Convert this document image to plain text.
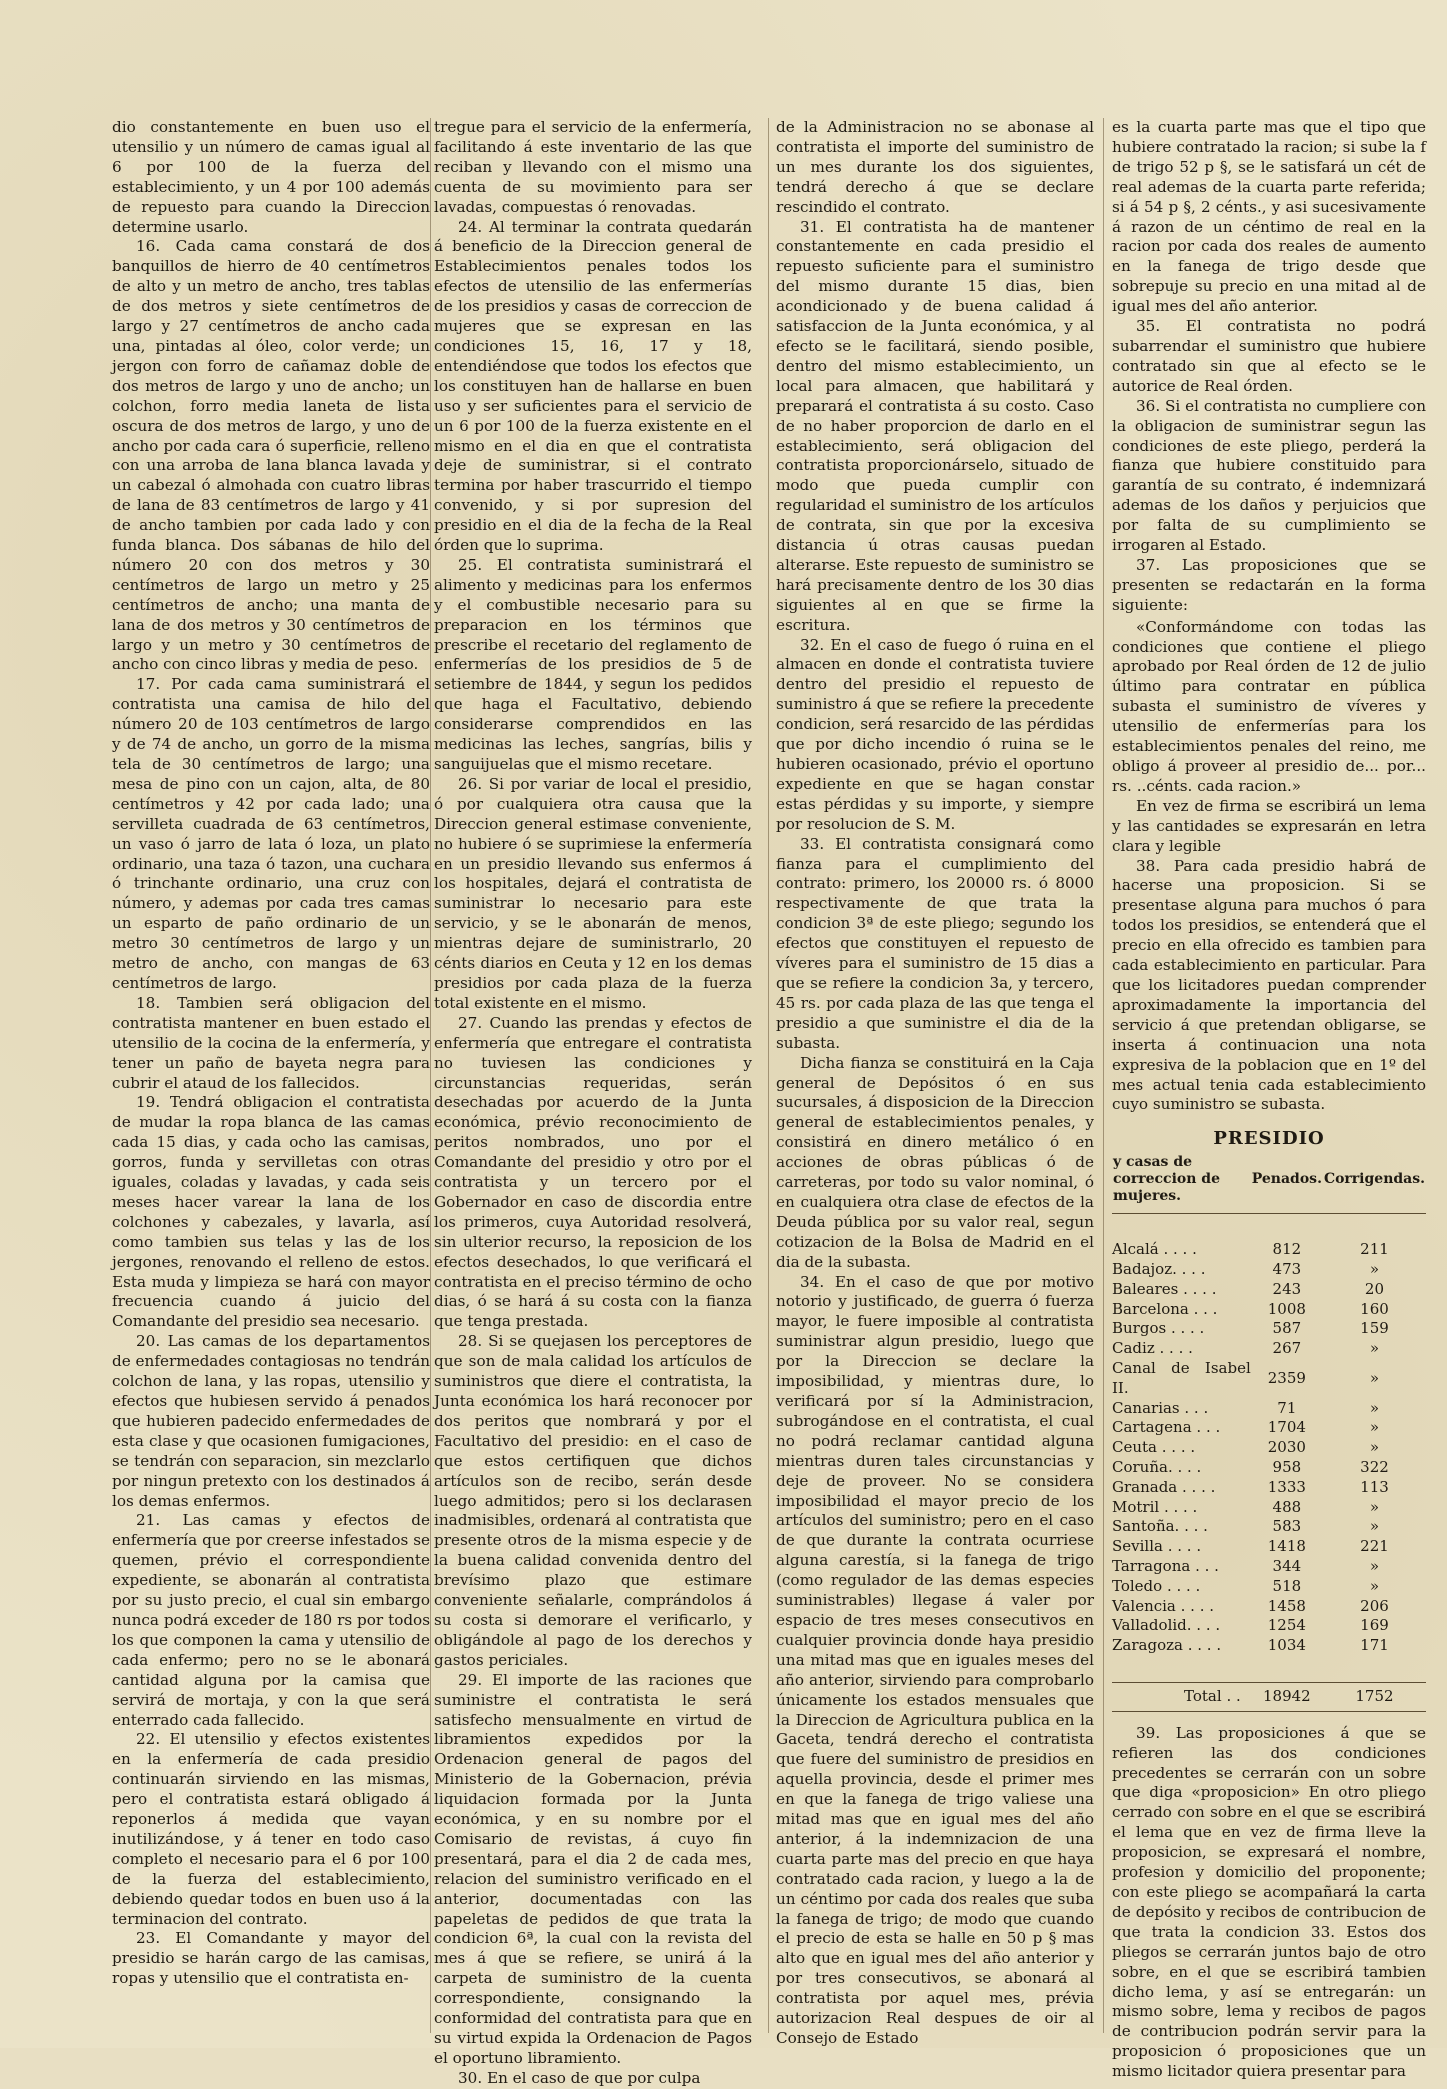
dio constantemente en buen uso el utensilio y un número de camas igual al 6 por 100 de la fuerza del establecimiento, y un 4 por 100 además de repuesto para cuando la Direccion determine usarlo.

16. Cada cama constará de dos banquillos de hierro de 40 centímetros de alto y un metro de ancho, tres tablas de dos metros y siete centímetros de largo y 27 centímetros de ancho cada una, pintadas al óleo, color verde; un jergon con forro de cañamaz doble de dos metros de largo y uno de ancho; un colchon, forro media laneta de lista oscura de dos metros de largo, y uno de ancho por cada cara ó superficie, relleno con una arroba de lana blanca lavada y un cabezal ó almohada con cuatro libras de lana de 83 centímetros de largo y 41 de ancho tambien por cada lado y con funda blanca. Dos sábanas de hilo del número 20 con dos metros y 30 centímetros de largo un metro y 25 centímetros de ancho; una manta de lana de dos metros y 30 centímetros de largo y un metro y 30 centímetros de ancho con cinco libras y media de peso.

17. Por cada cama suministrará el contratista una camisa de hilo del número 20 de 103 centímetros de largo y de 74 de ancho, un gorro de la misma tela de 30 centímetros de largo; una mesa de pino con un cajon, alta, de 80 centímetros y 42 por cada lado; una servilleta cuadrada de 63 centímetros, un vaso ó jarro de lata ó loza, un plato ordinario, una taza ó tazon, una cuchara ó trinchante ordinario, una cruz con número, y ademas por cada tres camas un esparto de paño ordinario de un metro 30 centímetros de largo y un metro de ancho, con mangas de 63 centímetros de largo.

18. Tambien será obligacion del contratista mantener en buen estado el utensilio de la cocina de la enfermería, y tener un paño de bayeta negra para cubrir el ataud de los fallecidos.

19. Tendrá obligacion el contratista de mudar la ropa blanca de las camas cada 15 dias, y cada ocho las camisas, gorros, funda y servilletas con otras iguales, coladas y lavadas, y cada seis meses hacer varear la lana de los colchones y cabezales, y lavarla, así como tambien sus telas y las de los jergones, renovando el relleno de estos. Esta muda y limpieza se hará con mayor frecuencia cuando á juicio del Comandante del presidio sea necesario.

20. Las camas de los departamentos de enfermedades contagiosas no tendrán colchon de lana, y las ropas, utensilio y efectos que hubiesen servido á penados que hubieren padecido enfermedades de esta clase y que ocasionen fumigaciones, se tendrán con separacion, sin mezclarlo por ningun pretexto con los destinados á los demas enfermos.

21. Las camas y efectos de enfermería que por creerse infestados se quemen, prévio el correspondiente expediente, se abonarán al contratista por su justo precio, el cual sin embargo nunca podrá exceder de 180 rs por todos los que componen la cama y utensilio de cada enfermo; pero no se le abonará cantidad alguna por la camisa que servirá de mortaja, y con la que será enterrado cada fallecido.

22. El utensilio y efectos existentes en la enfermería de cada presidio continuarán sirviendo en las mismas, pero el contratista estará obligado á reponerlos á medida que vayan inutilizándose, y á tener en todo caso completo el necesario para el 6 por 100 de la fuerza del establecimiento, debiendo quedar todos en buen uso á la terminacion del contrato.

23. El Comandante y mayor del presidio se harán cargo de las camisas, ropas y utensilio que el contratista en-

tregue para el servicio de la enfermería, facilitando á este inventario de las que reciban y llevando con el mismo una cuenta de su movimiento para ser lavadas, compuestas ó renovadas.

24. Al terminar la contrata quedarán á beneficio de la Direccion general de Establecimientos penales todos los efectos de utensilio de las enfermerías de los presidios y casas de correccion de mujeres que se expresan en las condiciones 15, 16, 17 y 18, entendiéndose que todos los efectos que los constituyen han de hallarse en buen uso y ser suficientes para el servicio de un 6 por 100 de la fuerza existente en el mismo en el dia en que el contratista deje de suministrar, si el contrato termina por haber trascurrido el tiempo convenido, y si por supresion del presidio en el dia de la fecha de la Real órden que lo suprima.

25. El contratista suministrará el alimento y medicinas para los enfermos y el combustible necesario para su preparacion en los términos que prescribe el recetario del reglamento de enfermerías de los presidios de 5 de setiembre de 1844, y segun los pedidos que haga el Facultativo, debiendo considerarse comprendidos en las medicinas las leches, sangrías, bilis y sanguijuelas que el mismo recetare.

26. Si por variar de local el presidio, ó por cualquiera otra causa que la Direccion general estimase conveniente, no hubiere ó se suprimiese la enfermería en un presidio llevando sus enfermos á los hospitales, dejará el contratista de suministrar lo necesario para este servicio, y se le abonarán de menos, mientras dejare de suministrarlo, 20 cénts diarios en Ceuta y 12 en los demas presidios por cada plaza de la fuerza total existente en el mismo.

27. Cuando las prendas y efectos de enfermería que entregare el contratista no tuviesen las condiciones y circunstancias requeridas, serán desechadas por acuerdo de la Junta económica, prévio reconocimiento de peritos nombrados, uno por el Comandante del presidio y otro por el contratista y un tercero por el Gobernador en caso de discordia entre los primeros, cuya Autoridad resolverá, sin ulterior recurso, la reposicion de los efectos desechados, lo que verificará el contratista en el preciso término de ocho dias, ó se hará á su costa con la fianza que tenga prestada.

28. Si se quejasen los perceptores de que son de mala calidad los artículos de suministros que diere el contratista, la Junta económica los hará reconocer por dos peritos que nombrará y por el Facultativo del presidio: en el caso de que estos certifiquen que dichos artículos son de recibo, serán desde luego admitidos; pero si los declarasen inadmisibles, ordenará al contratista que presente otros de la misma especie y de la buena calidad convenida dentro del brevísimo plazo que estimare conveniente señalarle, comprándolos á su costa si demorare el verificarlo, y obligándole al pago de los derechos y gastos periciales.

29. El importe de las raciones que suministre el contratista le será satisfecho mensualmente en virtud de libramientos expedidos por la Ordenacion general de pagos del Ministerio de la Gobernacion, prévia liquidacion formada por la Junta económica, y en su nombre por el Comisario de revistas, á cuyo fin presentará, para el dia 2 de cada mes, relacion del suministro verificado en el anterior, documentadas con las papeletas de pedidos de que trata la condicion 6ª, la cual con la revista del mes á que se refiere, se unirá á la carpeta de suministro de la cuenta correspondiente, consignando la conformidad del contratista para que en su virtud expida la Ordenacion de Pagos el oportuno libramiento.

30. En el caso de que por culpa

de la Administracion no se abonase al contratista el importe del suministro de un mes durante los dos siguientes, tendrá derecho á que se declare rescindido el contrato.

31. El contratista ha de mantener constantemente en cada presidio el repuesto suficiente para el suministro del mismo durante 15 dias, bien acondicionado y de buena calidad á satisfaccion de la Junta económica, y al efecto se le facilitará, siendo posible, dentro del mismo establecimiento, un local para almacen, que habilitará y preparará el contratista á su costo. Caso de no haber proporcion de darlo en el establecimiento, será obligacion del contratista proporcionárselo, situado de modo que pueda cumplir con regularidad el suministro de los artículos de contrata, sin que por la excesiva distancia ú otras causas puedan alterarse. Este repuesto de suministro se hará precisamente dentro de los 30 dias siguientes al en que se firme la escritura.

32. En el caso de fuego ó ruina en el almacen en donde el contratista tuviere dentro del presidio el repuesto de suministro á que se refiere la precedente condicion, será resarcido de las pérdidas que por dicho incendio ó ruina se le hubieren ocasionado, prévio el oportuno expediente en que se hagan constar estas pérdidas y su importe, y siempre por resolucion de S. M.

33. El contratista consignará como fianza para el cumplimiento del contrato: primero, los 20000 rs. ó 8000 respectivamente de que trata la condicion 3ª de este pliego; segundo los efectos que constituyen el repuesto de víveres para el suministro de 15 dias a que se refiere la condicion 3a, y tercero, 45 rs. por cada plaza de las que tenga el presidio a que suministre el dia de la subasta.

Dicha fianza se constituirá en la Caja general de Depósitos ó en sus sucursales, á disposicion de la Direccion general de establecimientos penales, y consistirá en dinero metálico ó en acciones de obras públicas ó de carreteras, por todo su valor nominal, ó en cualquiera otra clase de efectos de la Deuda pública por su valor real, segun cotizacion de la Bolsa de Madrid en el dia de la subasta.

34. En el caso de que por motivo notorio y justificado, de guerra ó fuerza mayor, le fuere imposible al contratista suministrar algun presidio, luego que por la Direccion se declare la imposibilidad, y mientras dure, lo verificará por sí la Administracion, subrogándose en el contratista, el cual no podrá reclamar cantidad alguna mientras duren tales circunstancias y deje de proveer. No se considera imposibilidad el mayor precio de los artículos del suministro; pero en el caso de que durante la contrata ocurriese alguna carestía, si la fanega de trigo (como regulador de las demas especies suministrables) llegase á valer por espacio de tres meses consecutivos en cualquier provincia donde haya presidio una mitad mas que en iguales meses del año anterior, sirviendo para comprobarlo únicamente los estados mensuales que la Direccion de Agricultura publica en la Gaceta, tendrá derecho el contratista que fuere del suministro de presidios en aquella provincia, desde el primer mes en que la fanega de trigo valiese una mitad mas que en igual mes del año anterior, á la indemnizacion de una cuarta parte mas del precio en que haya contratado cada racion, y luego a la de un céntimo por cada dos reales que suba la fanega de trigo; de modo que cuando el precio de esta se halle en 50 p § mas alto que en igual mes del año anterior y por tres consecutivos, se abonará al contratista por aquel mes, prévia autorizacion Real despues de oir al Consejo de Estado

es la cuarta parte mas que el tipo que hubiere contratado la racion; si sube la f de trigo 52 p §, se le satisfará un cét de real ademas de la cuarta parte referida; si á 54 p §, 2 cénts., y asi sucesivamente á razon de un céntimo de real en la racion por cada dos reales de aumento en la fanega de trigo desde que sobrepuje su precio en una mitad al de igual mes del año anterior.

35. El contratista no podrá subarrendar el suministro que hubiere contratado sin que al efecto se le autorice de Real órden.

36. Si el contratista no cumpliere con la obligacion de suministrar segun las condiciones de este pliego, perderá la fianza que hubiere constituido para garantía de su contrato, é indemnizará ademas de los daños y perjuicios que por falta de su cumplimiento se irrogaren al Estado.

37. Las proposiciones que se presenten se redactarán en la forma siguiente:

«Conformándome con todas las condiciones que contiene el pliego aprobado por Real órden de 12 de julio último para contratar en pública subasta el suministro de víveres y utensilio de enfermerías para los establecimientos penales del reino, me obligo á proveer al presidio de... por... rs. ..cénts. cada racion.»

En vez de firma se escribirá un lema y las cantidades se expresarán en letra clara y legible

38. Para cada presidio habrá de hacerse una proposicion. Si se presentase alguna para muchos ó para todos los presidios, se entenderá que el precio en ella ofrecido es tambien para cada establecimiento en particular. Para que los licitadores puedan comprender aproximadamente la importancia del servicio á que pretendan obligarse, se inserta á continuacion una nota expresiva de la poblacion que en 1º del mes actual tenia cada establecimiento cuyo suministro se subasta.

PRESIDIO
y casas de correccion de mujeres.	Penados.	Corrigendas.

Alcalá . . . .	812	211
Badajoz. . . .	473	»
Baleares . . . .	243	20
Barcelona . . .	1008	160
Burgos . . . .	587	159
Cadiz . . . .	267	»
Canal de Isabel II.	2359	»
Canarias . . .	71	»
Cartagena . . .	1704	»
Ceuta . . . .	2030	»
Coruña. . . .	958	322
Granada . . . .	1333	113
Motril . . . .	488	»
Santoña. . . .	583	»
Sevilla . . . .	1418	221
Tarragona . . .	344	»
Toledo . . . .	518	»
Valencia . . . .	1458	206
Valladolid. . . .	1254	169
Zaragoza . . . .	1034	171

Total . .	18942	1752

39. Las proposiciones á que se refieren las dos condiciones precedentes se cerrarán con un sobre que diga «proposicion» En otro pliego cerrado con sobre en el que se escribirá el lema que en vez de firma lleve la proposicion, se expresará el nombre, profesion y domicilio del proponente; con este pliego se acompañará la carta de depósito y recibos de contribucion de que trata la condicion 33. Estos dos pliegos se cerrarán juntos bajo de otro sobre, en el que se escribirá tambien dicho lema, y así se entregarán: un mismo sobre, lema y recibos de pagos de contribucion podrán servir para la proposicion ó proposiciones que un mismo licitador quiera presentar para
